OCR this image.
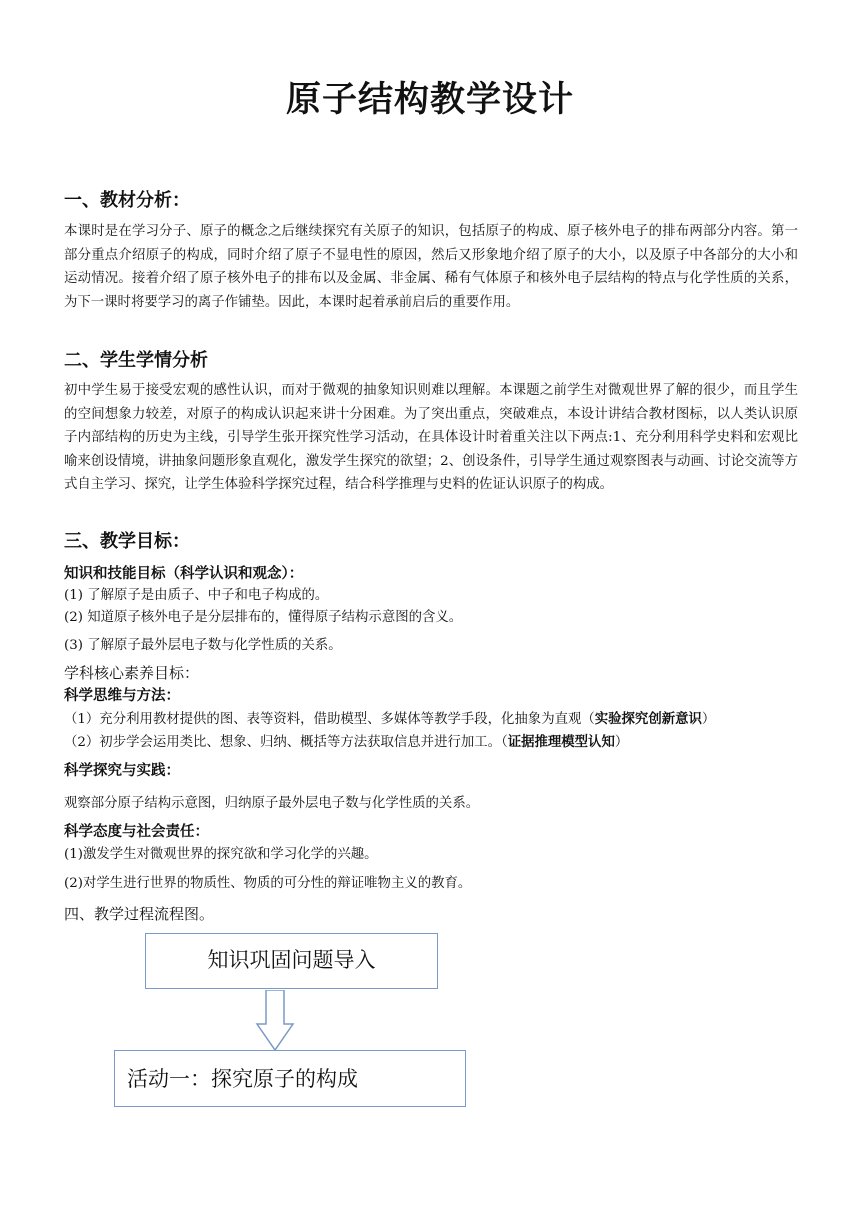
原子结构教学设计
一、教材分析：
本课时是在学习分子、原子的概念之后继续探究有关原子的知识，包括原子的构成、原子核外电子的排布两部分内容。第一部分重点介绍原子的构成，同时介绍了原子不显电性的原因，然后又形象地介绍了原子的大小，以及原子中各部分的大小和运动情况。接着介绍了原子核外电子的排布以及金属、非金属、稀有气体原子和核外电子层结构的特点与化学性质的关系，为下一课时将要学习的离子作铺垫。因此，本课时起着承前启后的重要作用。
二、学生学情分析
初中学生易于接受宏观的感性认识，而对于微观的抽象知识则难以理解。本课题之前学生对微观世界了解的很少，而且学生的空间想象力较差，对原子的构成认识起来讲十分困难。为了突出重点，突破难点，本设计讲结合教材图标，以人类认识原子内部结构的历史为主线，引导学生张开探究性学习活动，在具体设计时着重关注以下两点:1、充分利用科学史料和宏观比喻来创设情境，讲抽象问题形象直观化，激发学生探究的欲望；2、创设条件，引导学生通过观察图表与动画、讨论交流等方式自主学习、探究，让学生体验科学探究过程，结合科学推理与史料的佐证认识原子的构成。
三、教学目标：
知识和技能目标（科学认识和观念）：
(1) 了解原子是由质子、中子和电子构成的。
(2) 知道原子核外电子是分层排布的，懂得原子结构示意图的含义。
(3) 了解原子最外层电子数与化学性质的关系。
学科核心素养目标：
科学思维与方法：
（1）充分利用教材提供的图、表等资料，借助模型、多媒体等教学手段，化抽象为直观（实验探究创新意识）
（2）初步学会运用类比、想象、归纳、概括等方法获取信息并进行加工。（证据推理模型认知）
科学探究与实践：
观察部分原子结构示意图，归纳原子最外层电子数与化学性质的关系。
科学态度与社会责任：
(1)激发学生对微观世界的探究欲和学习化学的兴趣。
(2)对学生进行世界的物质性、物质的可分性的辩证唯物主义的教育。
四、教学过程流程图。
知识巩固问题导入
活动一：探究原子的构成
